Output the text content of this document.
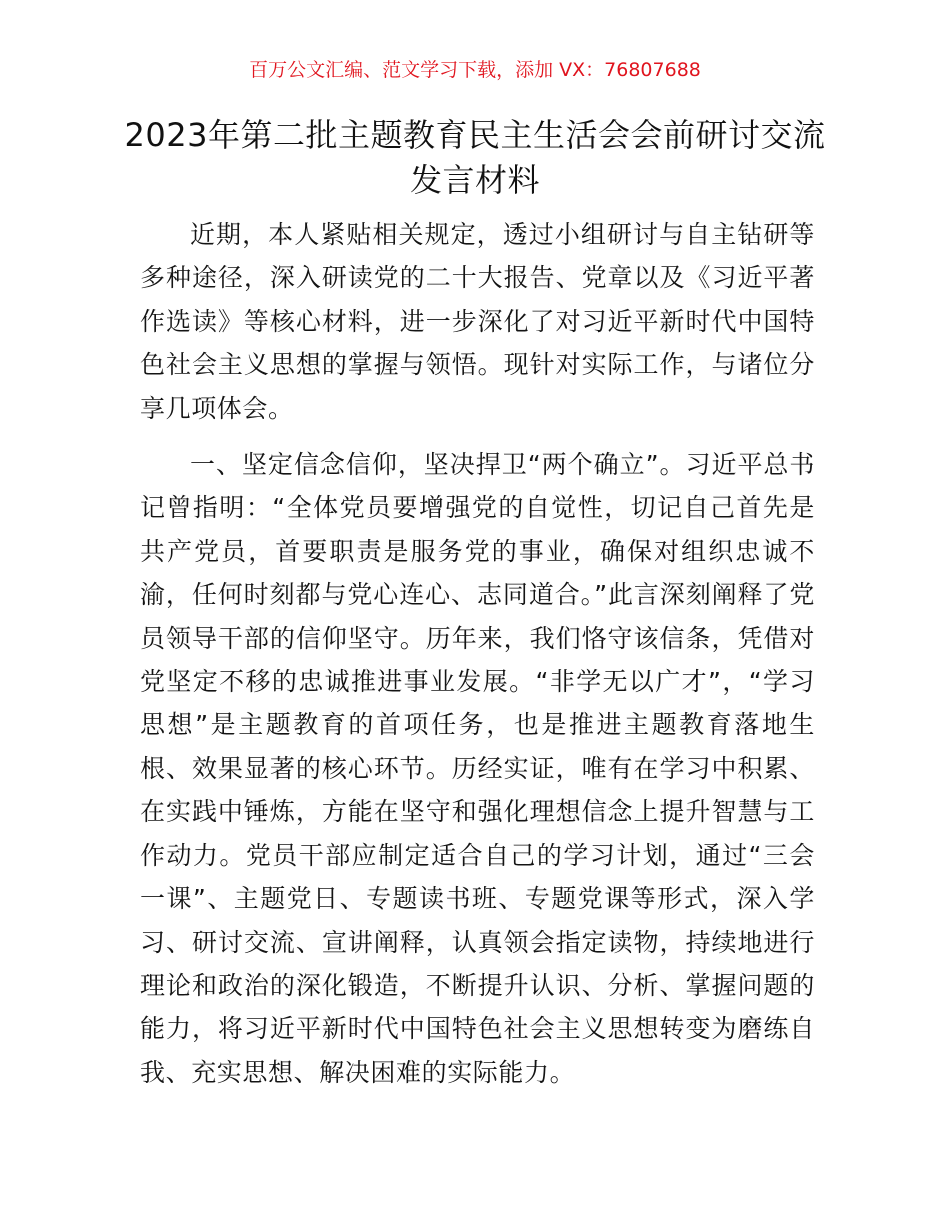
百万公文汇编、范文学习下载，添加 VX：76807688
2023年第二批主题教育民主生活会会前研讨交流发言材料

近期，本人紧贴相关规定，透过小组研讨与自主钻研等多种途径，深入研读党的二十大报告、党章以及《习近平著作选读》等核心材料，进一步深化了对习近平新时代中国特色社会主义思想的掌握与领悟。现针对实际工作，与诸位分享几项体会。

一、坚定信念信仰，坚决捍卫“两个确立”。习近平总书记曾指明：“全体党员要增强党的自觉性，切记自己首先是共产党员，首要职责是服务党的事业，确保对组织忠诚不渝，任何时刻都与党心连心、志同道合。”此言深刻阐释了党员领导干部的信仰坚守。历年来，我们恪守该信条，凭借对党坚定不移的忠诚推进事业发展。“非学无以广才”，“学习思想”是主题教育的首项任务，也是推进主题教育落地生根、效果显著的核心环节。历经实证，唯有在学习中积累、在实践中锤炼，方能在坚守和强化理想信念上提升智慧与工作动力。党员干部应制定适合自己的学习计划，通过“三会一课”、主题党日、专题读书班、专题党课等形式，深入学习、研讨交流、宣讲阐释，认真领会指定读物，持续地进行理论和政治的深化锻造，不断提升认识、分析、掌握问题的能力，将习近平新时代中国特色社会主义思想转变为磨练自我、充实思想、解决困难的实际能力。
